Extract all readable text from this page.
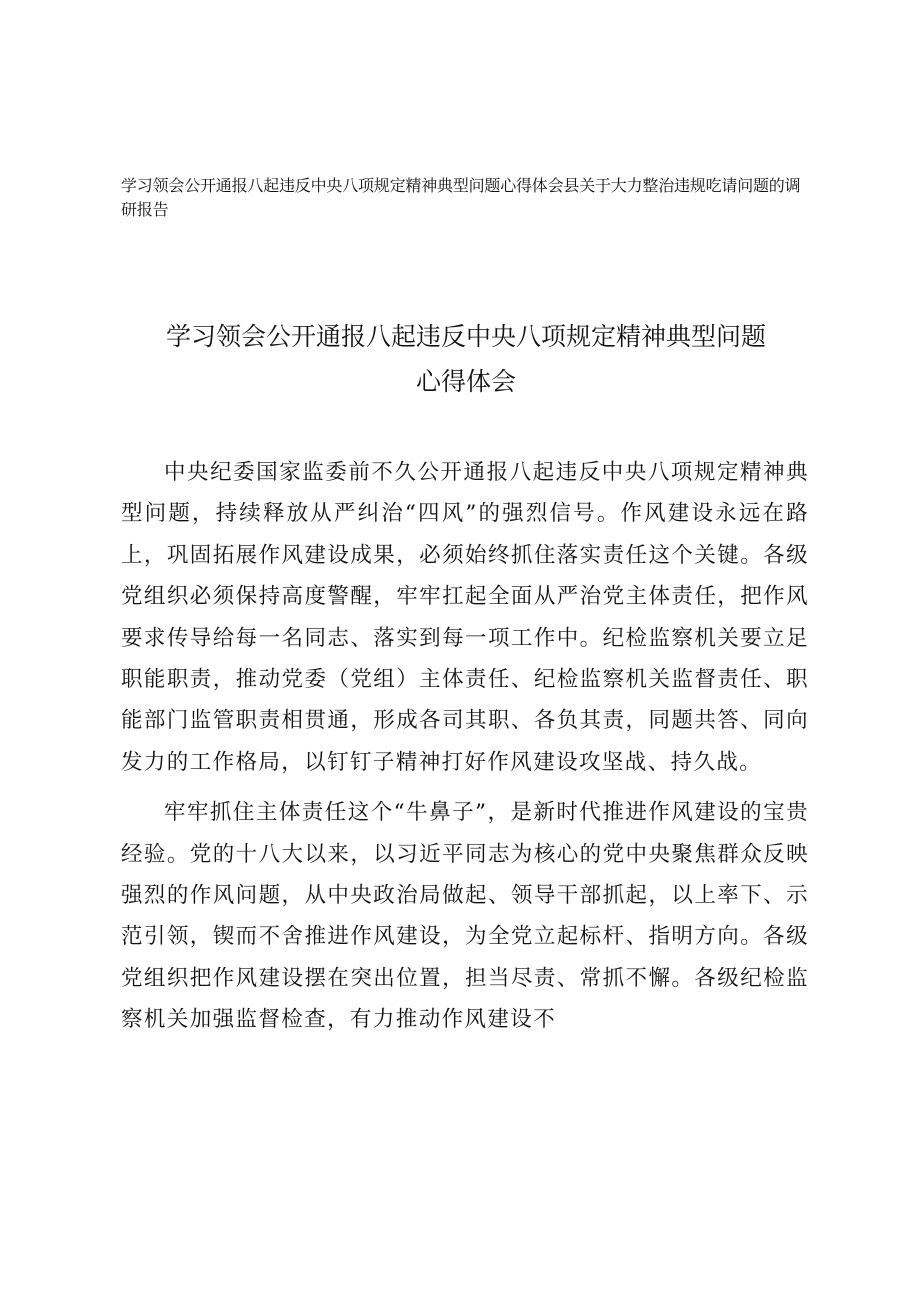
学习领会公开通报八起违反中央八项规定精神典型问题心得体会县关于大力整治违规吃请问题的调研报告
学习领会公开通报八起违反中央八项规定精神典型问题
心得体会

中央纪委国家监委前不久公开通报八起违反中央八项规定精神典型问题，持续释放从严纠治“四风”的强烈信号。作风建设永远在路上，巩固拓展作风建设成果，必须始终抓住落实责任这个关键。各级党组织必须保持高度警醒，牢牢扛起全面从严治党主体责任，把作风要求传导给每一名同志、落实到每一项工作中。纪检监察机关要立足职能职责，推动党委（党组）主体责任、纪检监察机关监督责任、职能部门监管职责相贯通，形成各司其职、各负其责，同题共答、同向发力的工作格局，以钉钉子精神打好作风建设攻坚战、持久战。

牢牢抓住主体责任这个“牛鼻子”，是新时代推进作风建设的宝贵经验。党的十八大以来，以习近平同志为核心的党中央聚焦群众反映强烈的作风问题，从中央政治局做起、领导干部抓起，以上率下、示范引领，锲而不舍推进作风建设，为全党立起标杆、指明方向。各级党组织把作风建设摆在突出位置，担当尽责、常抓不懈。各级纪检监察机关加强监督检查，有力推动作风建设不
